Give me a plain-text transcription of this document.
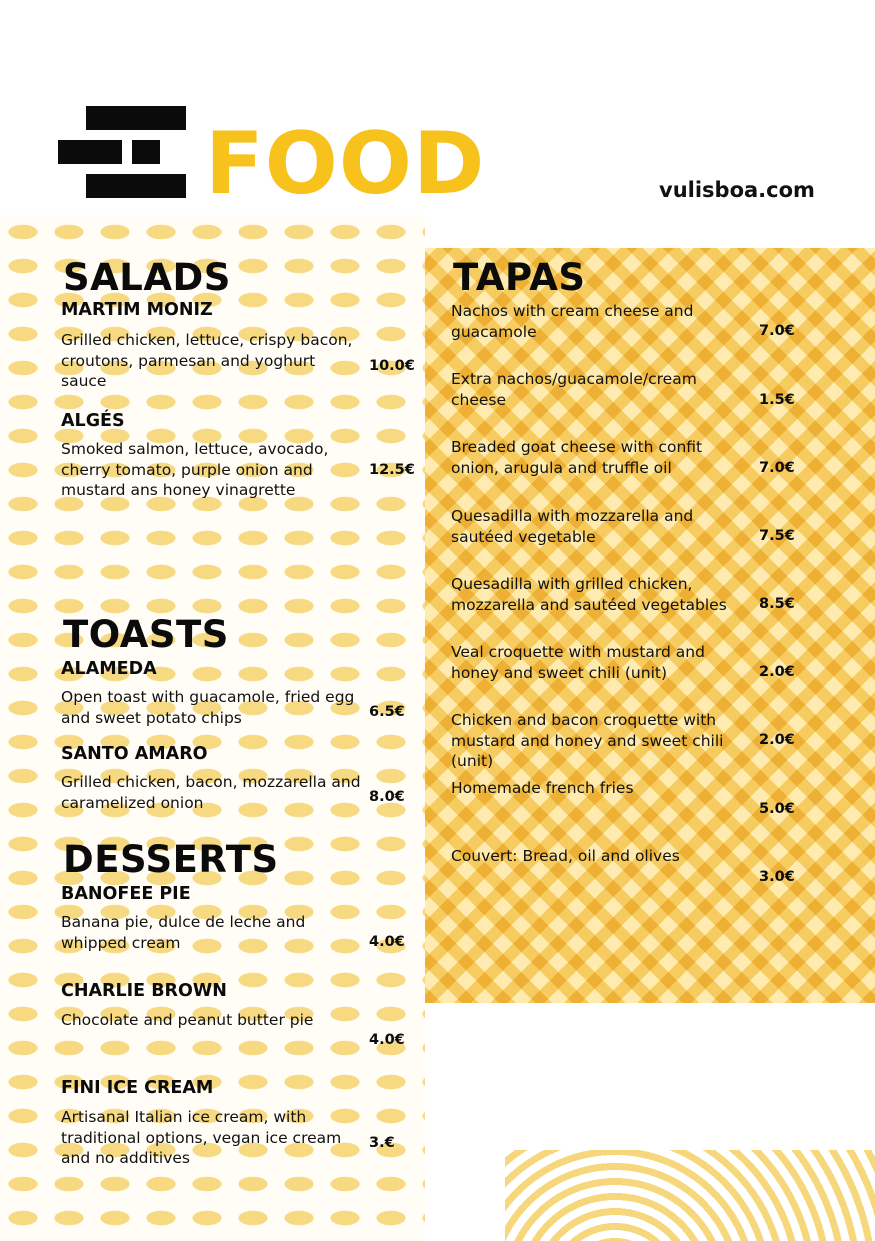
FOOD	vulisboa.com
SALADS
MARTIM MONIZ
Grilled chicken, lettuce, crispy bacon, croutons, parmesan and yoghurt sauce
10.0€
ALGÉS
Smoked salmon, lettuce, avocado, cherry tomato, purple onion and mustard ans honey vinagrette
12.5€
TOASTS
ALAMEDA
Open toast with guacamole, fried egg and sweet potato chips	6.5€
SANTO AMARO
Grilled chicken, bacon, mozzarella and caramelized onion	8.0€
DESSERTS
BANOFEE PIE
Banana pie, dulce de leche and whipped cream	4.0€
CHARLIE BROWN
Chocolate and peanut butter pie
4.0€
FINI ICE CREAM
Artisanal Italian ice cream, with traditional options, vegan ice cream and no additives
3.€
TAPAS
Nachos with cream cheese and guacamole	7.0€
Extra nachos/guacamole/cream cheese	1.5€
Breaded goat cheese with confit onion, arugula and truffle oil	7.0€
Quesadilla with mozzarella and sautéed vegetable	7.5€
Quesadilla with grilled chicken, mozzarella and sautéed vegetables	8.5€
Veal croquette with mustard and honey and sweet chili (unit)	2.0€
Chicken and bacon croquette with mustard and honey and sweet chili (unit)
2.0€
Homemade french fries
5.0€
Couvert: Bread, oil and olives
3.0€
